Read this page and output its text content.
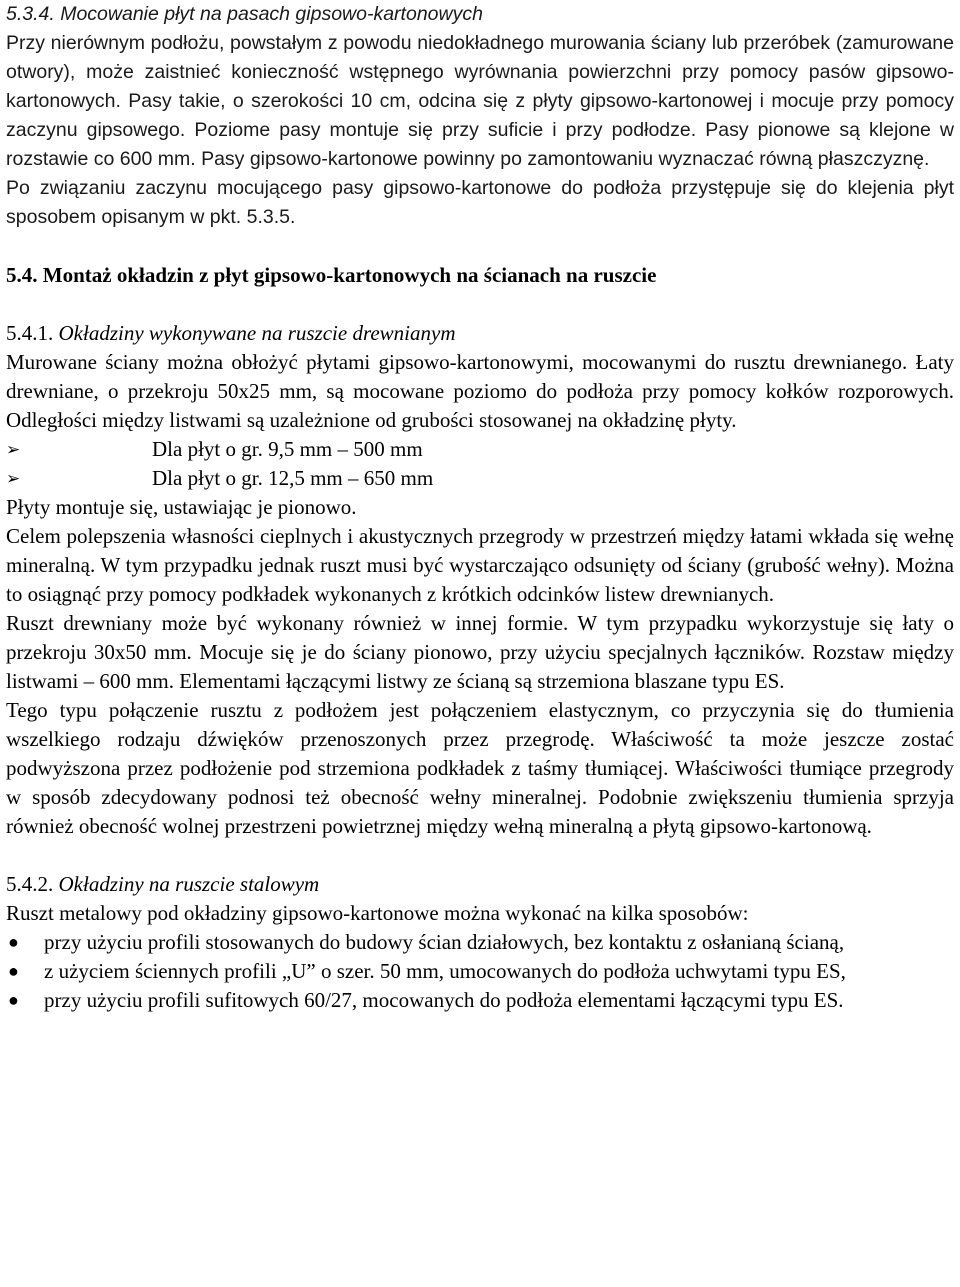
5.3.4. Mocowanie płyt na pasach gipsowo-kartonowych

Przy nierównym podłożu, powstałym z powodu niedokładnego murowania ściany lub przeróbek (zamurowane otwory), może zaistnieć konieczność wstępnego wyrównania powierzchni przy pomocy pasów gipsowo-kartonowych. Pasy takie, o szerokości 10 cm, odcina się z płyty gipsowo-kartonowej i mocuje przy pomocy zaczynu gipsowego. Poziome pasy montuje się przy suficie i przy podłodze. Pasy pionowe są klejone w rozstawie co 600 mm. Pasy gipsowo-kartonowe powinny po zamontowaniu wyznaczać równą płaszczyznę.

Po związaniu zaczynu mocującego pasy gipsowo-kartonowe do podłoża przystępuje się do klejenia płyt sposobem opisanym w pkt. 5.3.5.

5.4. Montaż okładzin z płyt gipsowo-kartonowych na ścianach na ruszcie

5.4.1. Okładziny wykonywane na ruszcie drewnianym

Murowane ściany można obłożyć płytami gipsowo-kartonowymi, mocowanymi do rusztu drewnianego. Łaty drewniane, o przekroju 50x25 mm, są mocowane poziomo do podłoża przy pomocy kołków rozporowych. Odległości między listwami są uzależnione od grubości stosowanej na okładzinę płyty.

➢	Dla płyt o gr. 9,5 mm – 500 mm
➢	Dla płyt o gr. 12,5 mm – 650 mm

Płyty montuje się, ustawiając je pionowo.

Celem polepszenia własności cieplnych i akustycznych przegrody w przestrzeń między łatami wkłada się wełnę mineralną. W tym przypadku jednak ruszt musi być wystarczająco odsunięty od ściany (grubość wełny). Można to osiągnąć przy pomocy podkładek wykonanych z krótkich odcinków listew drewnianych.

Ruszt drewniany może być wykonany również w innej formie. W tym przypadku wykorzystuje się łaty o przekroju 30x50 mm. Mocuje się je do ściany pionowo, przy użyciu specjalnych łączników. Rozstaw między listwami – 600 mm. Elementami łączącymi listwy ze ścianą są strzemiona blaszane typu ES.

Tego typu połączenie rusztu z podłożem jest połączeniem elastycznym, co przyczynia się do tłumienia wszelkiego rodzaju dźwięków przenoszonych przez przegrodę. Właściwość ta może jeszcze zostać podwyższona przez podłożenie pod strzemiona podkładek z taśmy tłumiącej. Właściwości tłumiące przegrody w sposób zdecydowany podnosi też obecność wełny mineralnej. Podobnie zwiększeniu tłumienia sprzyja również obecność wolnej przestrzeni powietrznej między wełną mineralną a płytą gipsowo-kartonową.

5.4.2. Okładziny na ruszcie stalowym

Ruszt metalowy pod okładziny gipsowo-kartonowe można wykonać na kilka sposobów:

●	przy użyciu profili stosowanych do budowy ścian działowych, bez kontaktu z osłanianą ścianą,
●	z użyciem ściennych profili „U” o szer. 50 mm, umocowanych do podłoża uchwytami typu ES,
●	przy użyciu profili sufitowych 60/27, mocowanych do podłoża elementami łączącymi typu ES.
